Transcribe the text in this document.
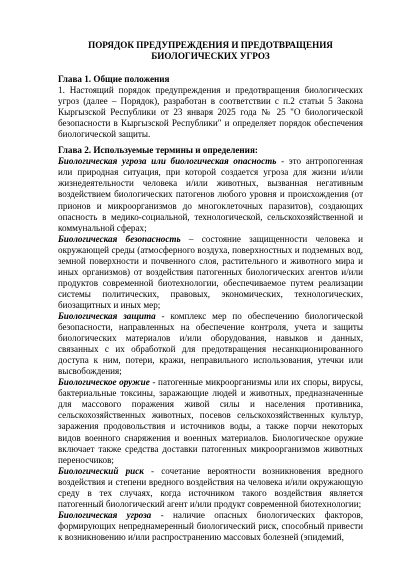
ПОРЯДОК ПРЕДУПРЕЖДЕНИЯ И ПРЕДОТВРАЩЕНИЯ
БИОЛОГИЧЕСКИХ УГРОЗ

Глава 1. Общие положения

1. Настоящий порядок предупреждения и предотвращения биологических угроз (далее – Порядок), разработан в соответствии с п.2 статьи 5 Закона Кыргызской Республики от 23 января 2025 года № 25 "О биологической безопасности в Кыргызской Республики" и определяет порядок обеспечения биологической защиты.

Глава 2. Используемые термины и определения:

Биологическая угроза или биологическая опасность - это антропогенная или природная ситуация, при которой создается угроза для жизни и/или жизнедеятельности человека и/или животных, вызванная негативным воздействием биологических патогенов любого уровня и происхождения (от прионов и микроорганизмов до многоклеточных паразитов), создающих опасность в медико-социальной, технологической, сельскохозяйственной и коммунальной сферах;

Биологическая безопасность – состояние защищенности человека и окружающей среды (атмосферного воздуха, поверхностных и подземных вод, земной поверхности и почвенного слоя, растительного и животного мира и иных организмов) от воздействия патогенных биологических агентов и/или продуктов современной биотехнологии, обеспечиваемое путем реализации системы политических, правовых, экономических, технологических, биозащитных и иных мер;

Биологическая защита - комплекс мер по обеспечению биологической безопасности, направленных на обеспечение контроля, учета и защиты биологических материалов и/или оборудования, навыков и данных, связанных с их обработкой для предотвращения несанкционированного доступа к ним, потери, кражи, неправильного использования, утечки или высвобождения;

Биологическое оружие - патогенные микроорганизмы или их споры, вирусы, бактериальные токсины, заражающие людей и животных, предназначенные для массового поражения живой силы и населения противника, сельскохозяйственных животных, посевов сельскохозяйственных культур, заражения продовольствия и источников воды, а также порчи некоторых видов военного снаряжения и военных материалов. Биологическое оружие включает также средства доставки патогенных микроорганизмов животных переносчиков;

Биологический риск - сочетание вероятности возникновения вредного воздействия и степени вредного воздействия на человека и/или окружающую среду в тех случаях, когда источником такого воздействия является патогенный биологический агент и/или продукт современной биотехнологии;

Биологическая угроза - наличие опасных биологических факторов, формирующих непреднамеренный биологический риск, способный привести к возникновению и/или распространению массовых болезней (эпидемий,
